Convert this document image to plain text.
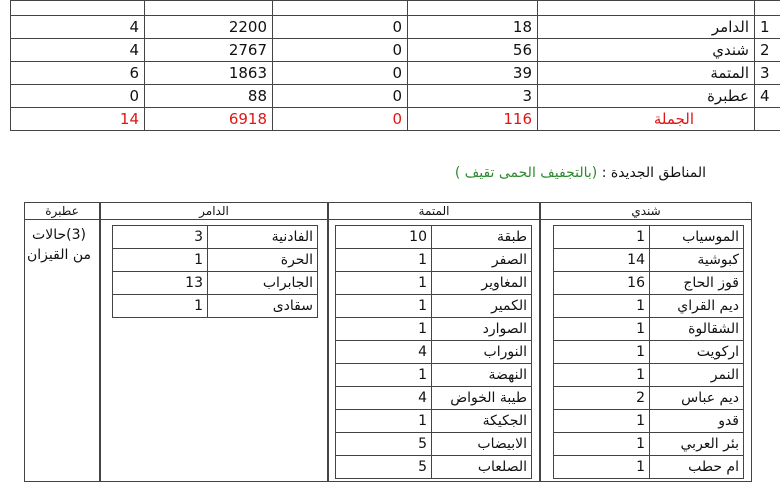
4	2200	0	18	الدامر	1
4	2767	0	56	شندي	2
6	1863	0	39	المتمة	3
0	88	0	3	عطبرة	4
14	6918	0	116	الجملة	
المناطق الجديدة : (بالتجفيف الحمى تقيف )
عطبرة
(3)حالات من القيزان
الدامر
3	الفادنية
1	الحرة
13	الجابراب
1	سقادى
المتمة
10	طبقة
1	الصفر
1	المغاوير
1	الكمير
1	الصوارد
4	النوراب
1	النهضة
4	طيبة الخواض
1	الجكيكة
5	الابيضاب
5	الصلعاب
شندي
1	الموسياب
14	كبوشية
16	قوز الحاج
1	ديم القراي
1	الشقالوة
1	اركويت
1	النمر
2	ديم عباس
1	قدو
1	بئر العربي
1	ام حطب
